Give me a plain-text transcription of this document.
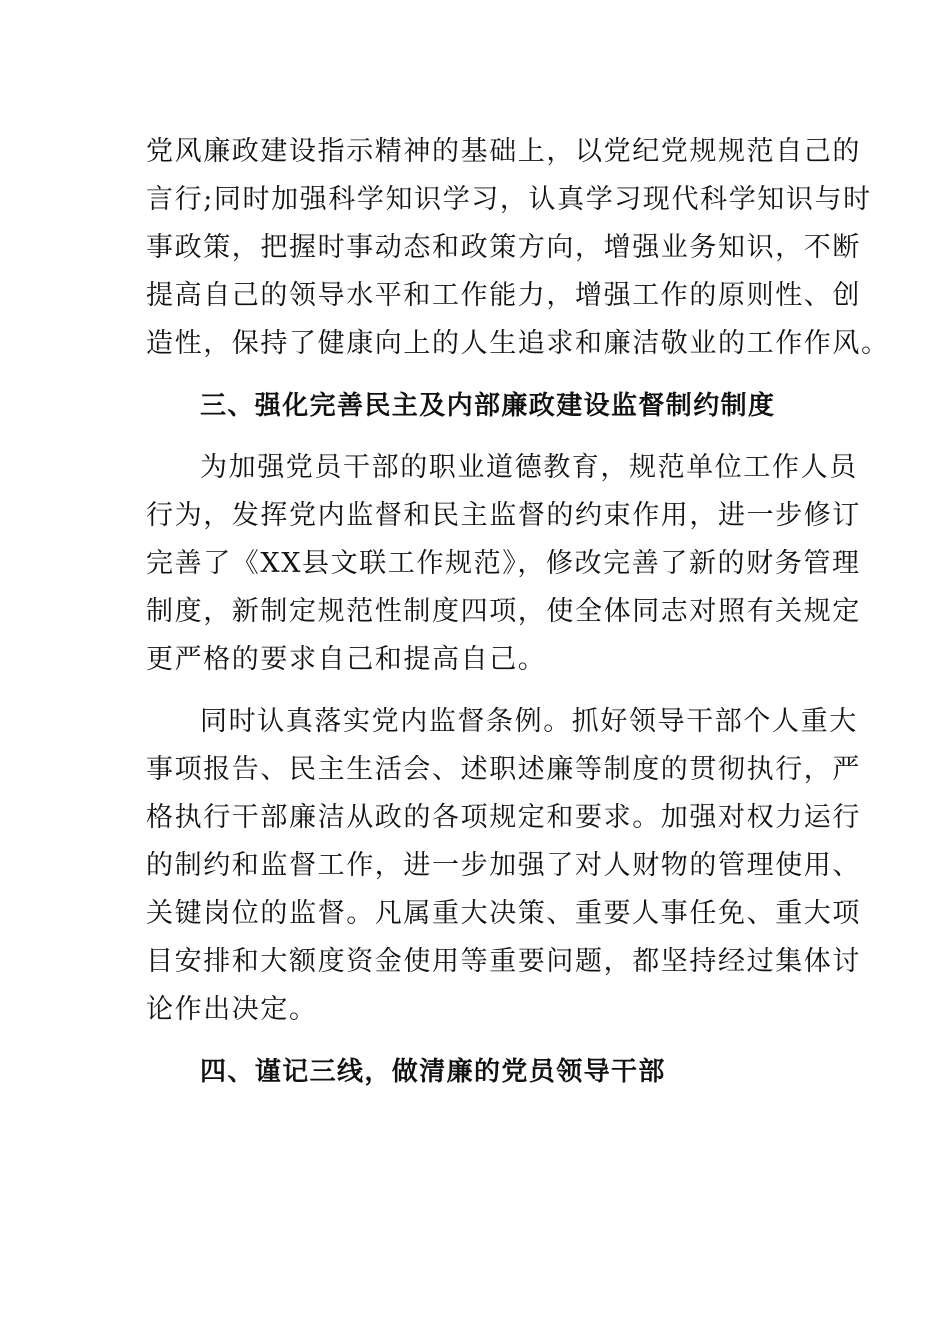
党风廉政建设指示精神的基础上，以党纪党规规范自己的
言行;同时加强科学知识学习，认真学习现代科学知识与时
事政策，把握时事动态和政策方向，增强业务知识，不断
提高自己的领导水平和工作能力，增强工作的原则性、创
造性，保持了健康向上的人生追求和廉洁敬业的工作作风。
三、强化完善民主及内部廉政建设监督制约制度
为加强党员干部的职业道德教育，规范单位工作人员
行为，发挥党内监督和民主监督的约束作用，进一步修订
完善了《XX县文联工作规范》，修改完善了新的财务管理
制度，新制定规范性制度四项，使全体同志对照有关规定
更严格的要求自己和提高自己。
同时认真落实党内监督条例。抓好领导干部个人重大
事项报告、民主生活会、述职述廉等制度的贯彻执行，严
格执行干部廉洁从政的各项规定和要求。加强对权力运行
的制约和监督工作，进一步加强了对人财物的管理使用、
关键岗位的监督。凡属重大决策、重要人事任免、重大项
目安排和大额度资金使用等重要问题，都坚持经过集体讨
论作出决定。
四、谨记三线，做清廉的党员领导干部
